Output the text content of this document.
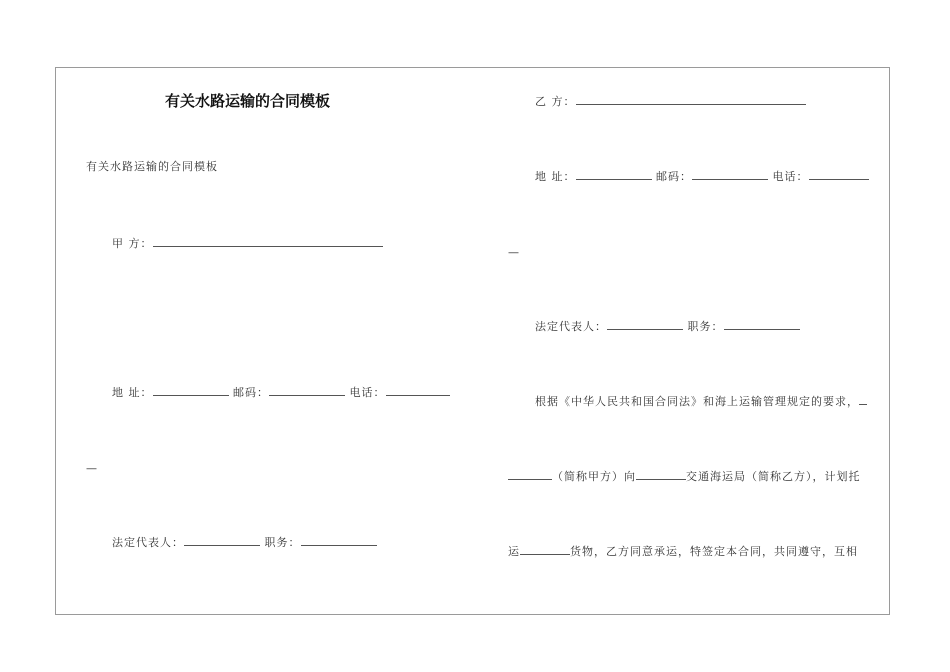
有关水路运输的合同模板
有关水路运输的合同模板
甲 方：
地 址：	邮码：	电话：
—
法定代表人：	职务：
乙 方：
地 址：	邮码：	电话：
—
法定代表人：	职务：
根据《中华人民共和国合同法》和海上运输管理规定的要求，
（简称甲方）向	交通海运局（简称乙方），计划托
运	货物，乙方同意承运，特签定本合同，共同遵守，互相
